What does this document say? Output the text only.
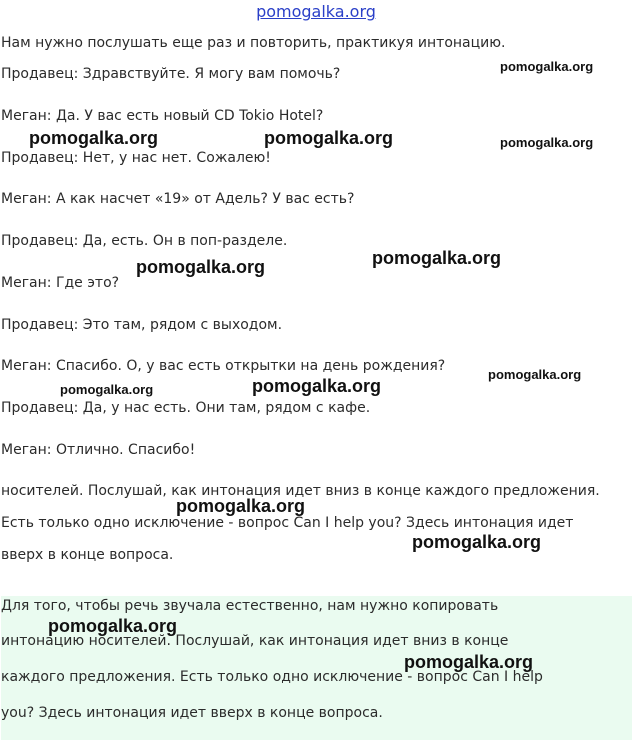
pomogalka.org
Нам нужно послушать еще раз и повторить, практикуя интонацию.
Продавец: Здравствуйте. Я могу вам помочь?
Меган: Да. У вас есть новый CD Tokio Hotel?
Продавец: Нет, у нас нет. Сожалею!
Меган: А как насчет «19» от Адель? У вас есть?
Продавец: Да, есть. Он в поп-разделе.
Меган: Где это?
Продавец: Это там, рядом с выходом.
Меган: Спасибо. О, у вас есть открытки на день рождения?
Продавец: Да, у нас есть. Они там, рядом с кафе.
Меган: Отлично. Спасибо!
носителей. Послушай, как интонация идет вниз в конце каждого предложения.
Есть только одно исключение - вопрос Can I help you? Здесь интонация идет
вверх в конце вопроса.
Для того, чтобы речь звучала естественно, нам нужно копировать
интонацию носителей. Послушай, как интонация идет вниз в конце
каждого предложения. Есть только одно исключение - вопрос Can I help
you? Здесь интонация идет вверх в конце вопроса.
pomogalka.org
pomogalka.org	pomogalka.org	pomogalka.org
pomogalka.org
pomogalka.org
pomogalka.org
pomogalka.org
pomogalka.org
pomogalka.org
pomogalka.org
pomogalka.org
pomogalka.org
